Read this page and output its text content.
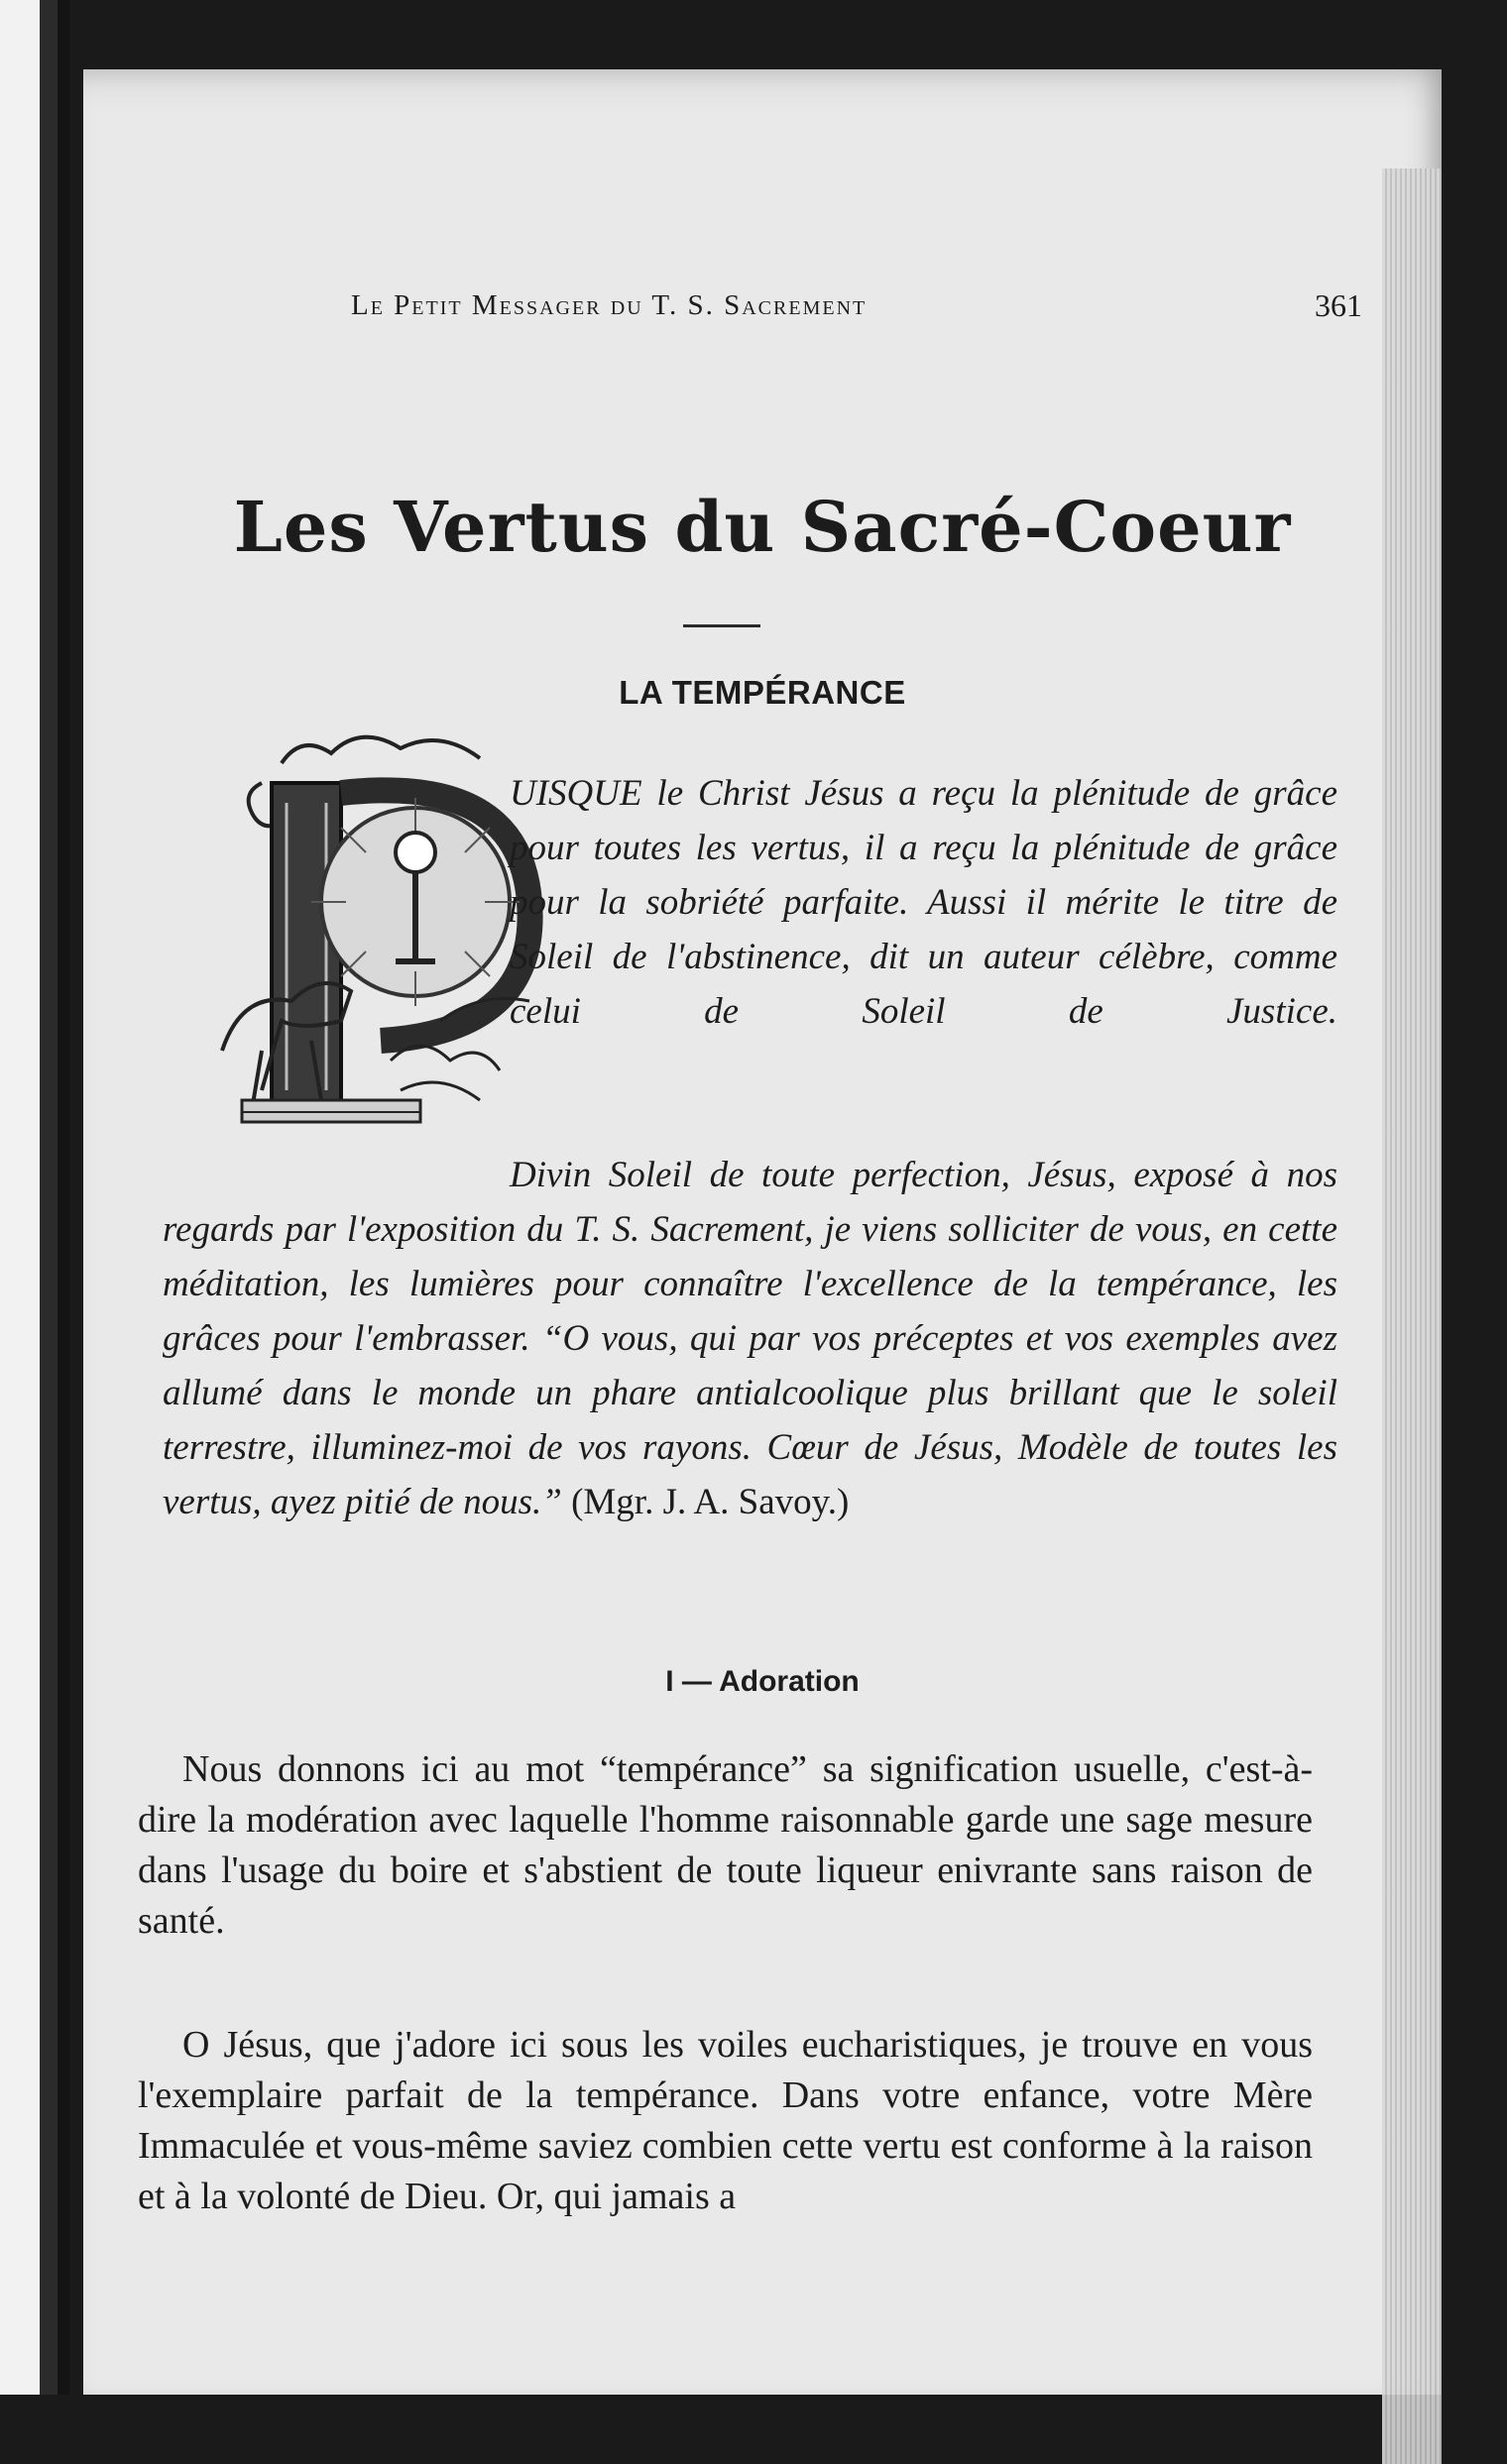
Le Petit Messager du T. S. Sacrement	361
Les Vertus du Sacré-Coeur
LA TEMPÉRANCE
UISQUE le Christ Jésus a reçu la plénitude de grâce pour toutes les vertus, il a reçu la plénitude de grâce pour la sobriété parfaite. Aussi il mérite le titre de Soleil de l'abstinence, dit un auteur célèbre, comme celui de Soleil de Justice.
Divin Soleil de toute perfection, Jésus, exposé à nos regards par l'exposition du T. S. Sacrement, je viens solliciter de vous, en cette méditation, les lumières pour connaître l'excellence de la tempérance, les grâces pour l'embrasser. “O vous, qui par vos préceptes et vos exemples avez allumé dans le monde un phare antialcoolique plus brillant que le soleil terrestre, illuminez-moi de vos rayons. Cœur de Jésus, Modèle de toutes les vertus, ayez pitié de nous.” (Mgr. J. A. Savoy.)
I — Adoration
Nous donnons ici au mot “tempérance” sa signification usuelle, c'est-à-dire la modération avec laquelle l'homme raisonnable garde une sage mesure dans l'usage du boire et s'abstient de toute liqueur enivrante sans raison de santé.
O Jésus, que j'adore ici sous les voiles eucharistiques, je trouve en vous l'exemplaire parfait de la tempérance. Dans votre enfance, votre Mère Immaculée et vous-même saviez combien cette vertu est conforme à la raison et à la volonté de Dieu. Or, qui jamais a
